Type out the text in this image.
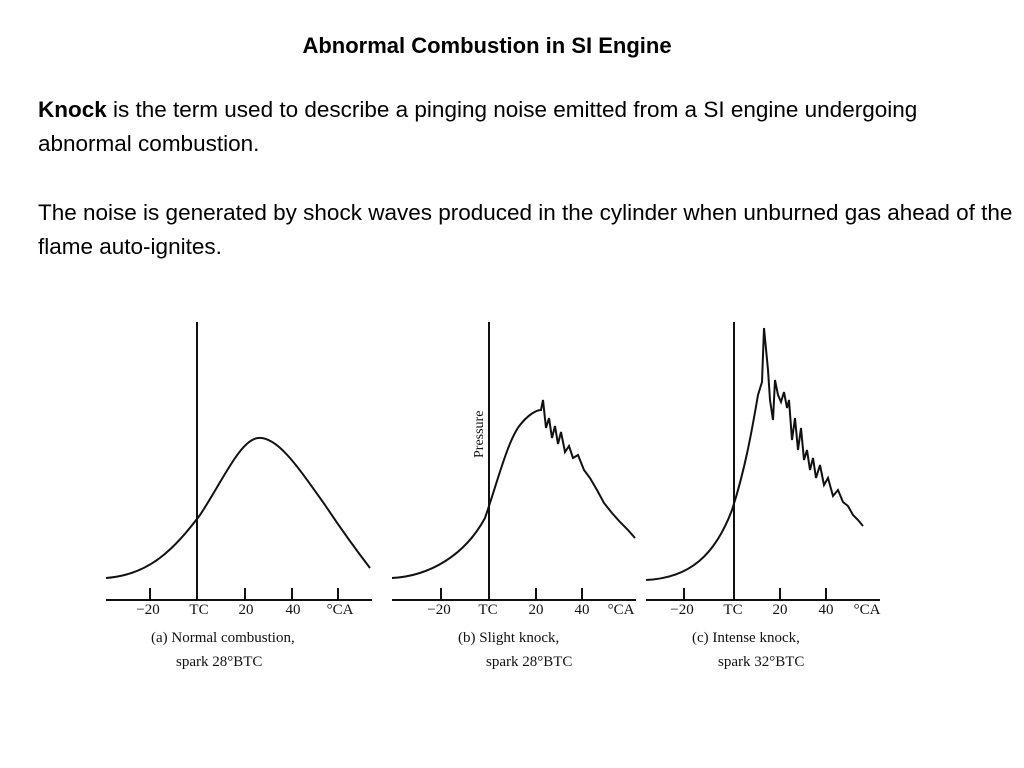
Abnormal Combustion in SI Engine
Knock is the term used to describe a pinging noise emitted from a SI engine undergoing abnormal combustion.
The noise is generated by shock waves produced in the cylinder when unburned gas ahead of the flame auto-ignites.
Pressure
−20 TC 20 40 °CA	−20 TC 20 40 °CA −20 TC 20 40 °CA
(a) Normal combustion,
spark 28°BTC
(b) Slight knock,
spark 28°BTC
(c) Intense knock,
spark 32°BTC
